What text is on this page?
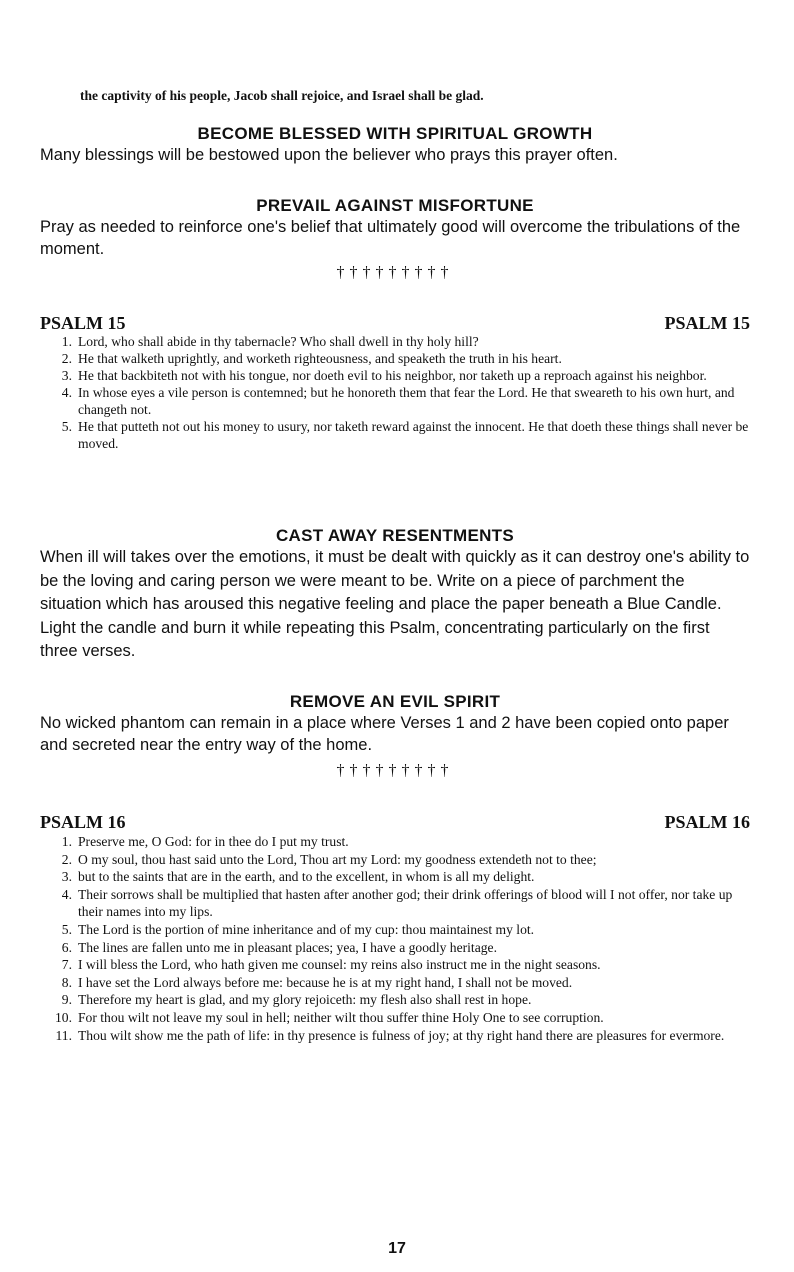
the captivity of his people, Jacob shall rejoice, and Israel shall be glad.

BECOME BLESSED WITH SPIRITUAL GROWTH

Many blessings will be bestowed upon the believer who prays this prayer often.

PREVAIL AGAINST MISFORTUNE

Pray as needed to reinforce one's belief that ultimately good will overcome the tribulations of the moment.

†††††††††

PSALM 15	PSALM 15
1. Lord, who shall abide in thy tabernacle? Who shall dwell in thy holy hill?
2. He that walketh uprightly, and worketh righteousness, and speaketh the truth in his heart.
3. He that backbiteth not with his tongue, nor doeth evil to his neighbor, nor taketh up a reproach against his neighbor.
4. In whose eyes a vile person is contemned; but he honoreth them that fear the Lord. He that sweareth to his own hurt, and changeth not.
5. He that putteth not out his money to usury, nor taketh reward against the innocent. He that doeth these things shall never be moved.

CAST AWAY RESENTMENTS

When ill will takes over the emotions, it must be dealt with quickly as it can destroy one's ability to be the loving and caring person we were meant to be. Write on a piece of parchment the situation which has aroused this negative feeling and place the paper beneath a Blue Candle. Light the candle and burn it while repeating this Psalm, concentrating particularly on the first three verses.

REMOVE AN EVIL SPIRIT

No wicked phantom can remain in a place where Verses 1 and 2 have been copied onto paper and secreted near the entry way of the home.

†††††††††

PSALM 16	PSALM 16
1. Preserve me, O God: for in thee do I put my trust.
2. O my soul, thou hast said unto the Lord, Thou art my Lord: my goodness extendeth not to thee;
3. but to the saints that are in the earth, and to the excellent, in whom is all my delight.
4. Their sorrows shall be multiplied that hasten after another god; their drink offerings of blood will I not offer, nor take up their names into my lips.
5. The Lord is the portion of mine inheritance and of my cup: thou maintainest my lot.
6. The lines are fallen unto me in pleasant places; yea, I have a goodly heritage.
7. I will bless the Lord, who hath given me counsel: my reins also instruct me in the night seasons.
8. I have set the Lord always before me: because he is at my right hand, I shall not be moved.
9. Therefore my heart is glad, and my glory rejoiceth: my flesh also shall rest in hope.
10. For thou wilt not leave my soul in hell; neither wilt thou suffer thine Holy One to see corruption.
11. Thou wilt show me the path of life: in thy presence is fulness of joy; at thy right hand there are pleasures for evermore.
17
